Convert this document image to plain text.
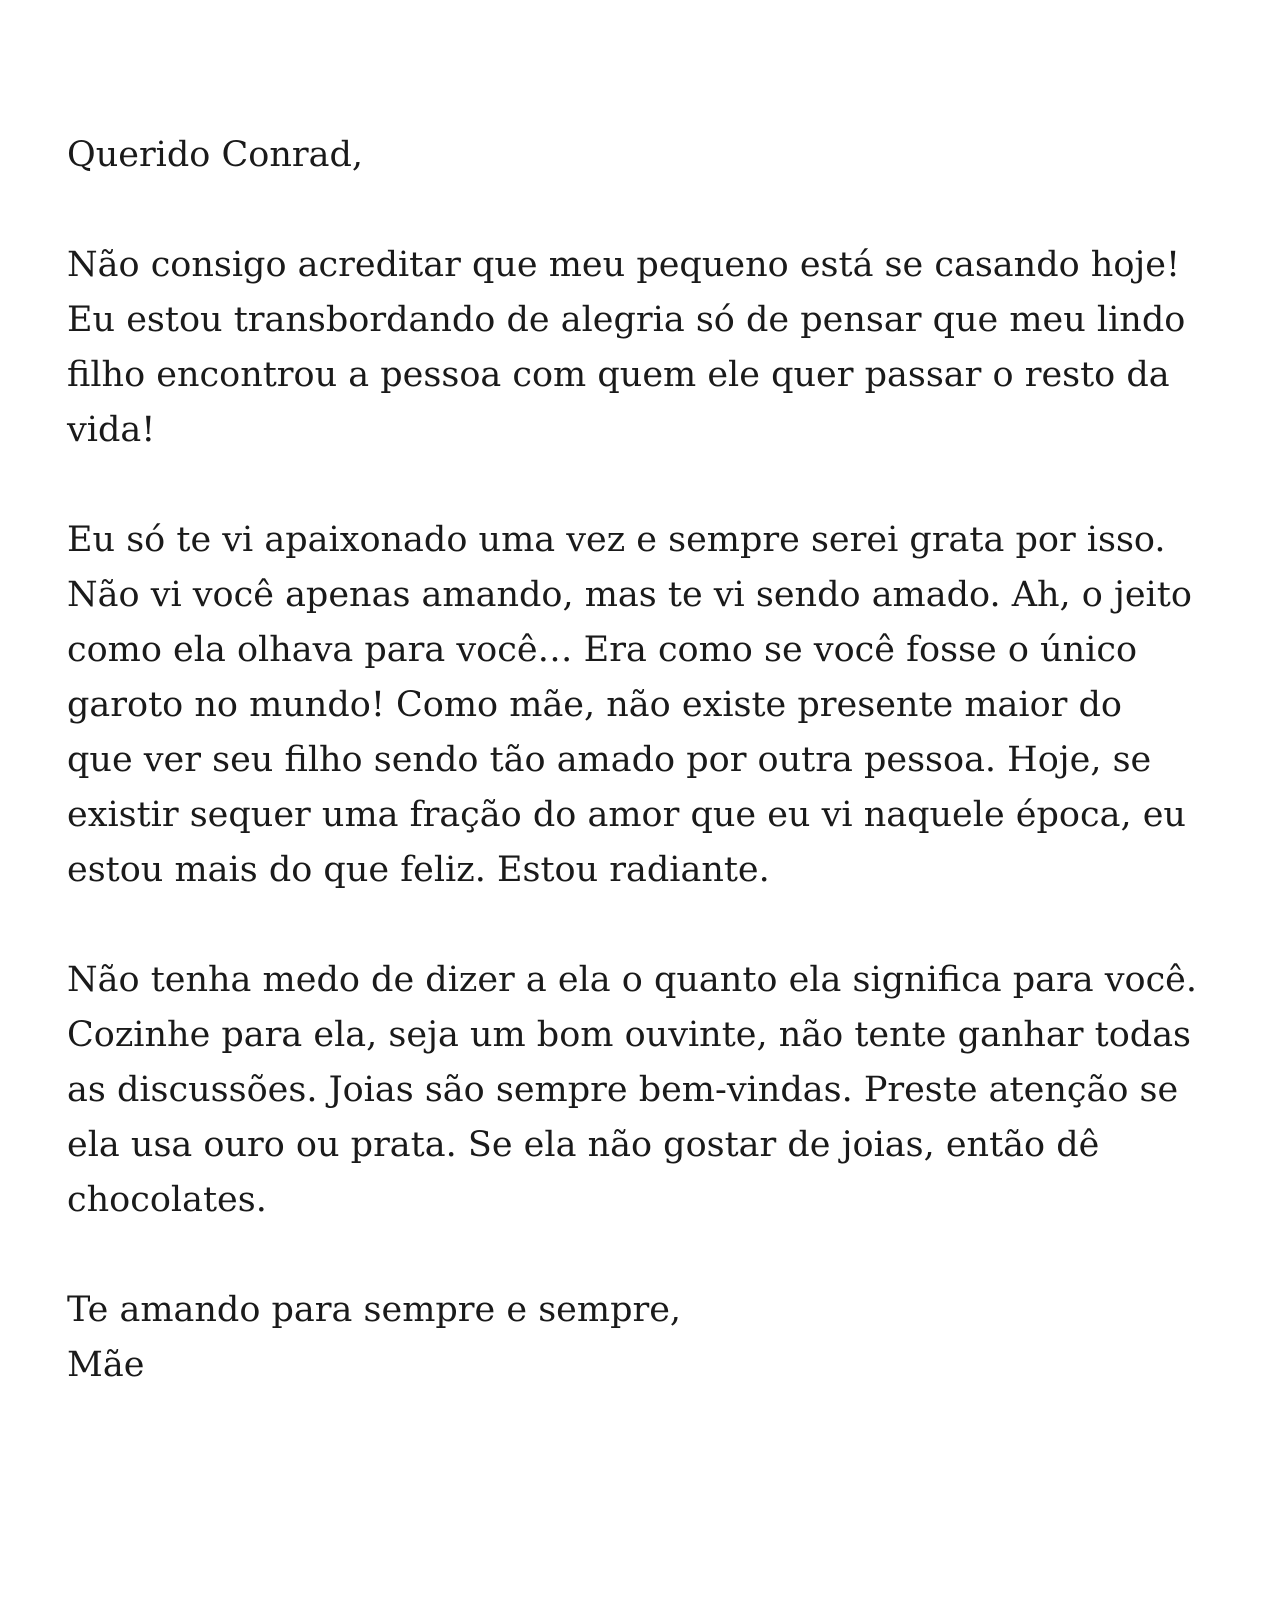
Querido Conrad,

Não consigo acreditar que meu pequeno está se casando hoje!
Eu estou transbordando de alegria só de pensar que meu lindo
filho encontrou a pessoa com quem ele quer passar o resto da
vida!

Eu só te vi apaixonado uma vez e sempre serei grata por isso.
Não vi você apenas amando, mas te vi sendo amado. Ah, o jeito
como ela olhava para você… Era como se você fosse o único
garoto no mundo! Como mãe, não existe presente maior do
que ver seu filho sendo tão amado por outra pessoa. Hoje, se
existir sequer uma fração do amor que eu vi naquele época, eu
estou mais do que feliz. Estou radiante.

Não tenha medo de dizer a ela o quanto ela significa para você.
Cozinhe para ela, seja um bom ouvinte, não tente ganhar todas
as discussões. Joias são sempre bem-vindas. Preste atenção se
ela usa ouro ou prata. Se ela não gostar de joias, então dê
chocolates.

Te amando para sempre e sempre,
Mãe
